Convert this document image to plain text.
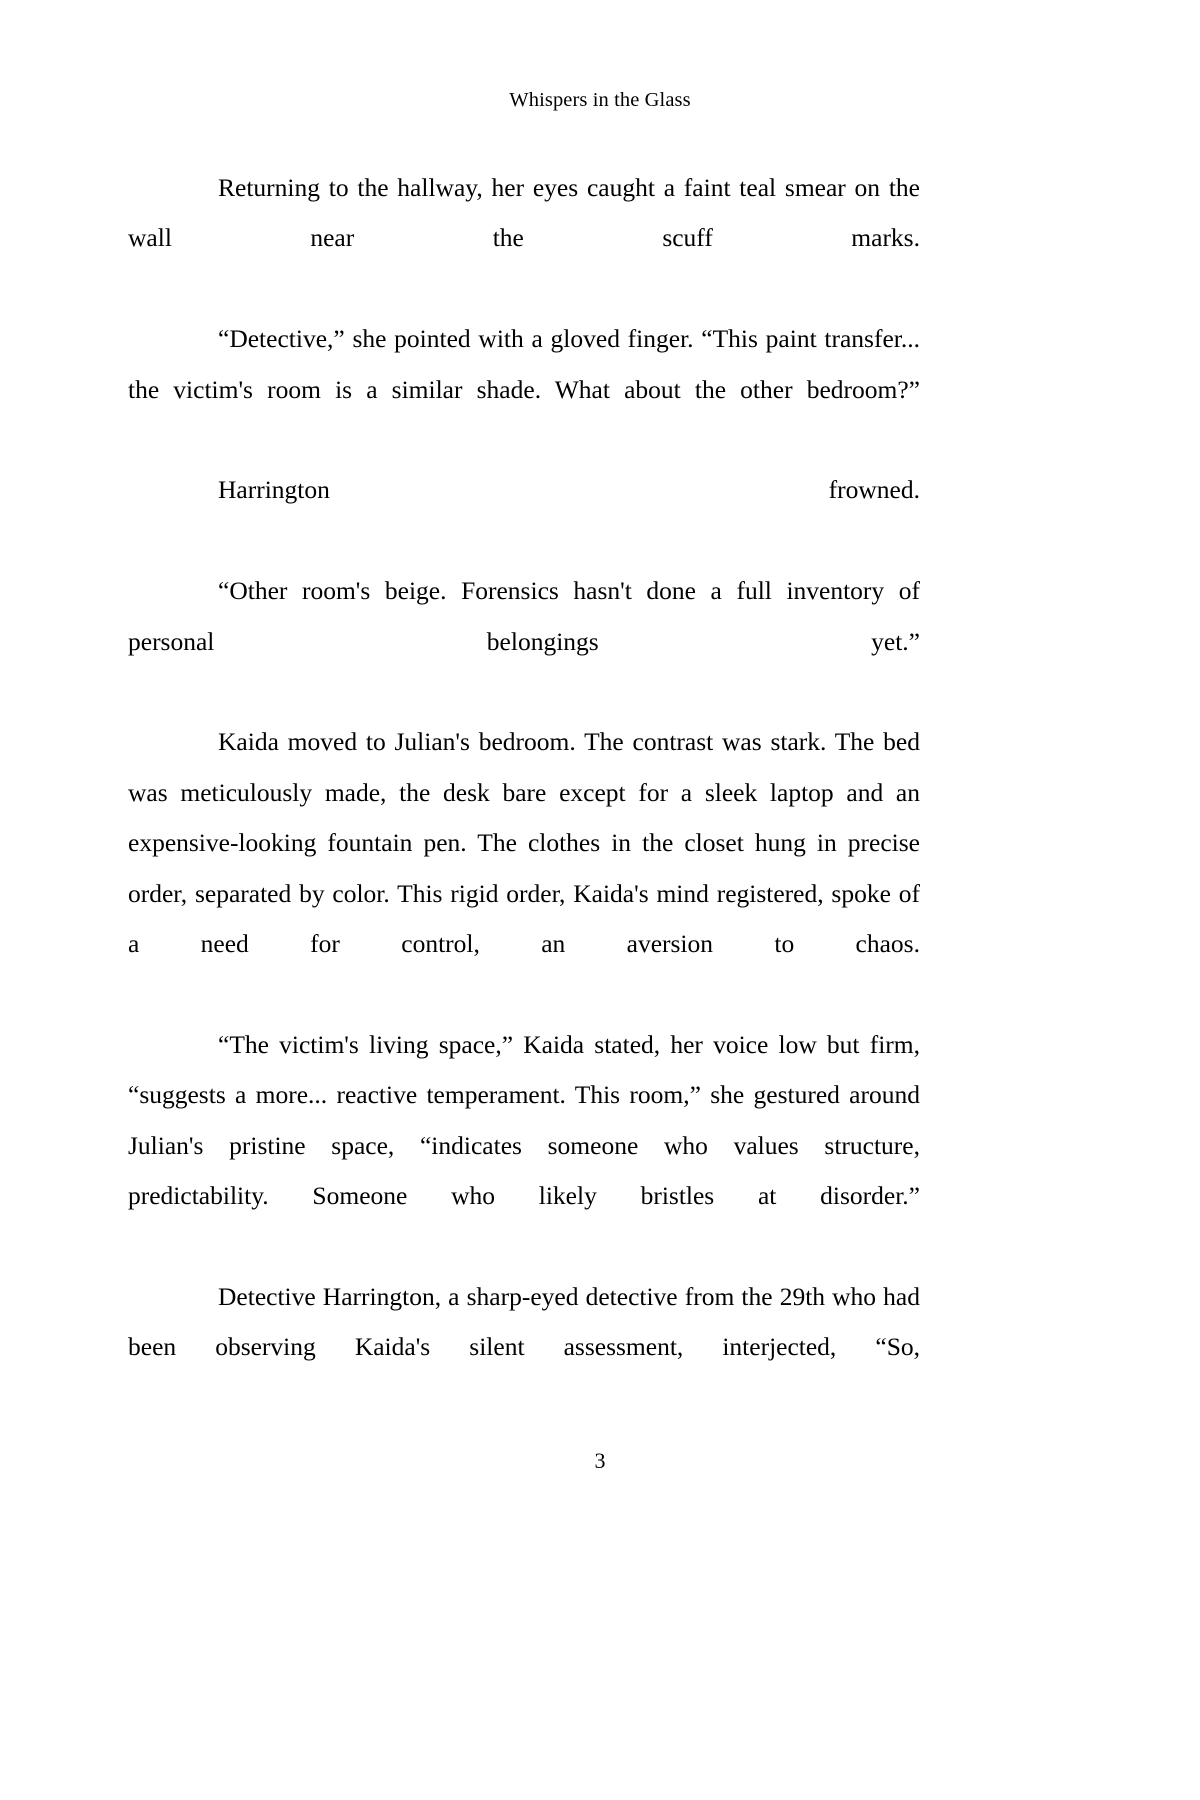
Whispers in the Glass

Returning to the hallway, her eyes caught a faint teal smear on the wall near the scuff marks.

“Detective,” she pointed with a gloved finger. “This paint transfer... the victim's room is a similar shade. What about the other bedroom?”

Harrington frowned.

“Other room's beige. Forensics hasn't done a full inventory of personal belongings yet.”

Kaida moved to Julian's bedroom. The contrast was stark. The bed was meticulously made, the desk bare except for a sleek laptop and an expensive-looking fountain pen. The clothes in the closet hung in precise order, separated by color. This rigid order, Kaida's mind registered, spoke of a need for control, an aversion to chaos.

“The victim's living space,” Kaida stated, her voice low but firm, “suggests a more... reactive temperament. This room,” she gestured around Julian's pristine space, “indicates someone who values structure, predictability. Someone who likely bristles at disorder.”

Detective Harrington, a sharp-eyed detective from the 29th who had been observing Kaida's silent assessment, interjected, “So,

3
